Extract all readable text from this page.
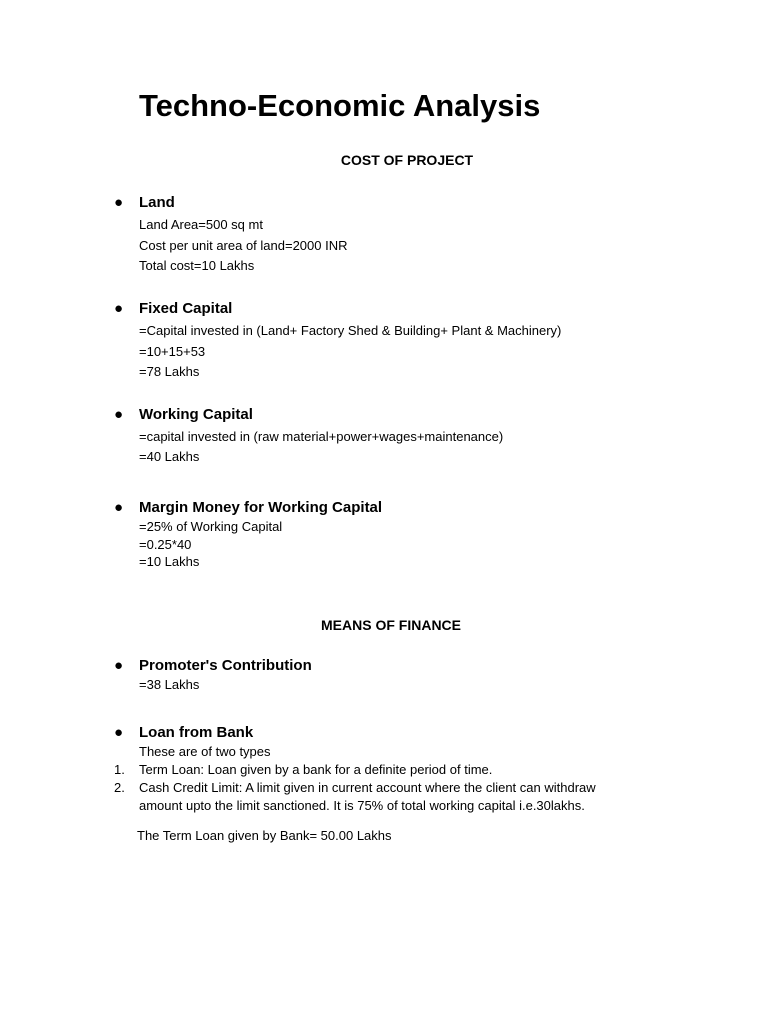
Techno-Economic Analysis
COST OF PROJECT
● Land
Land Area=500 sq mt
Cost per unit area of land=2000 INR
Total cost=10 Lakhs
● Fixed Capital
=Capital invested in (Land+ Factory Shed & Building+ Plant & Machinery)
=10+15+53
=78 Lakhs
● Working Capital
=capital invested in (raw material+power+wages+maintenance)
=40 Lakhs
● Margin Money for Working Capital
=25% of Working Capital
=0.25*40
=10 Lakhs
MEANS OF FINANCE
● Promoter's Contribution
=38 Lakhs
● Loan from Bank
These are of two types
1. Term Loan: Loan given by a bank for a definite period of time.
2. Cash Credit Limit: A limit given in current account where the client can withdraw
amount upto the limit sanctioned. It is 75% of total working capital i.e.30lakhs.
The Term Loan given by Bank= 50.00 Lakhs
